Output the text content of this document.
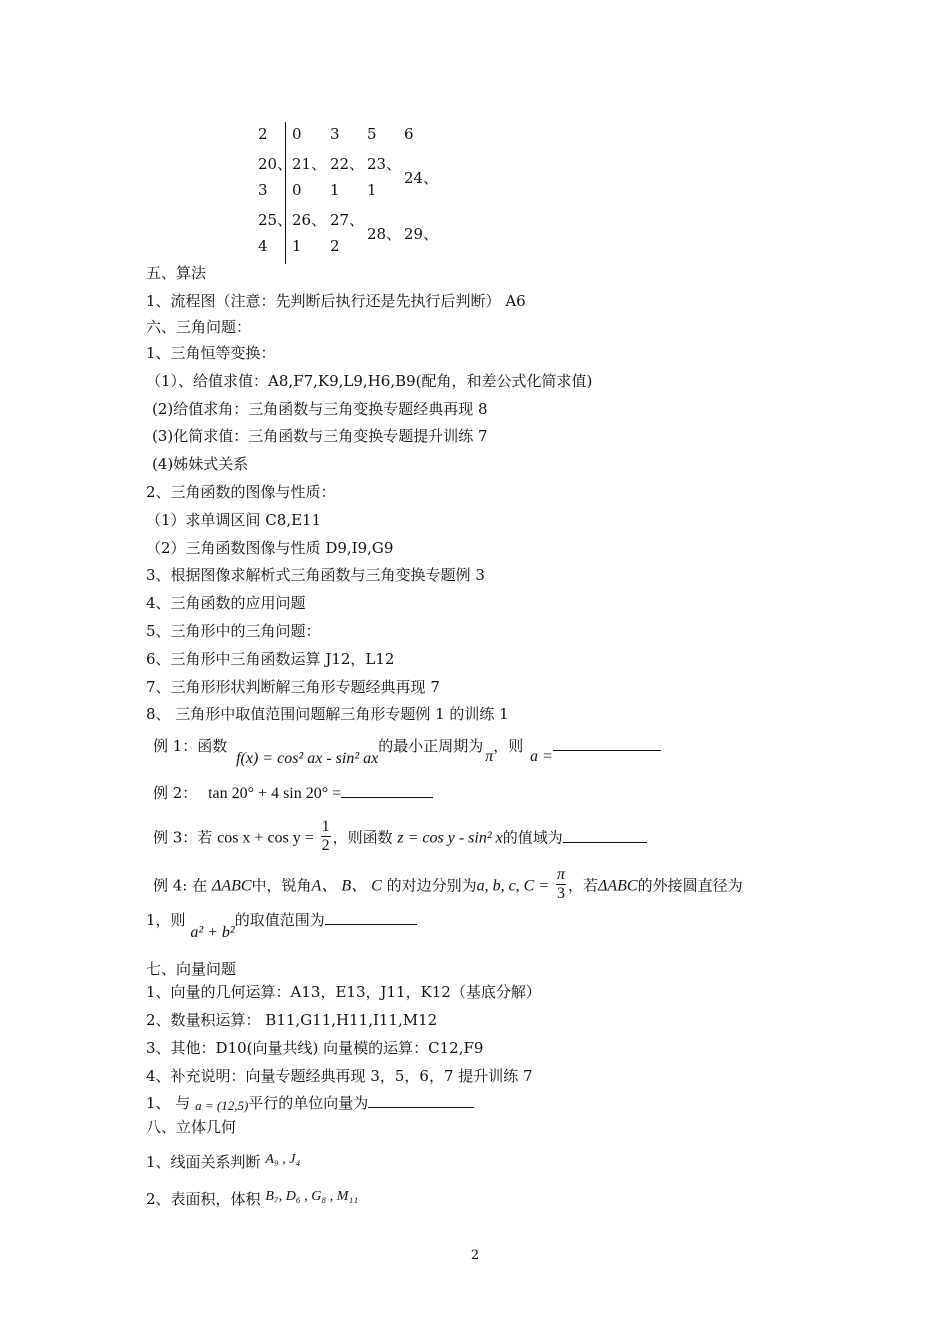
2 0 3 5 6
20、 21、 22、 23、
24、
3 0 1 1
25、 26、 27、
28、 29、
4 1 2
五、算法
1、流程图（注意：先判断后执行还是先执行后判断） A6
六、三角问题：
1、三角恒等变换：
（1）、给值求值：A8,F7,K9,L9,H6,B9(配角，和差公式化简求值)
(2)给值求角：三角函数与三角变换专题经典再现 8
(3)化简求值：三角函数与三角变换专题提升训练 7
(4)姊妹式关系
2、三角函数的图像与性质：
（1）求单调区间 C8,E11
（2）三角函数图像与性质 D9,I9,G9
3、根据图像求解析式三角函数与三角变换专题例 3
4、三角函数的应用问题
5、三角形中的三角问题：
6、三角形中三角函数运算 J12，L12
7、三角形形状判断解三角形专题经典再现 7
8、 三角形中取值范围问题解三角形专题例 1 的训练 1
例 1：函数 f(x) = cos² ax - sin² ax的最小正周期为π，则 a =
例 2： tan 20° + 4 sin 20° =
例 3：若 $\cos x + \cos y = \frac{1}{2}$ ，则函数 z = cos y - sin² x的值域为
例 4: 在 ΔABC中，锐角A、 B、 C 的对边分别为a, b, c, $C = \frac{\pi}{3}$ ，若ΔABC的外接圆直径为
1，则 a² + b²的取值范围为
七、向量问题
1、向量的几何运算：A13，E13，J11，K12（基底分解）
2、数量积运算： B11,G11,H11,I11,M12
3、其他：D10(向量共线) 向量模的运算：C12,F9
4、补充说明：向量专题经典再现 3，5，6，7 提升训练 7
1、 与 a = (12,5)平行的单位向量为
八、立体几何
1、线面关系判断 A₉ , J₄
2、表面积，体积 B₇, D₆ , G₈ , M₁₁
2
